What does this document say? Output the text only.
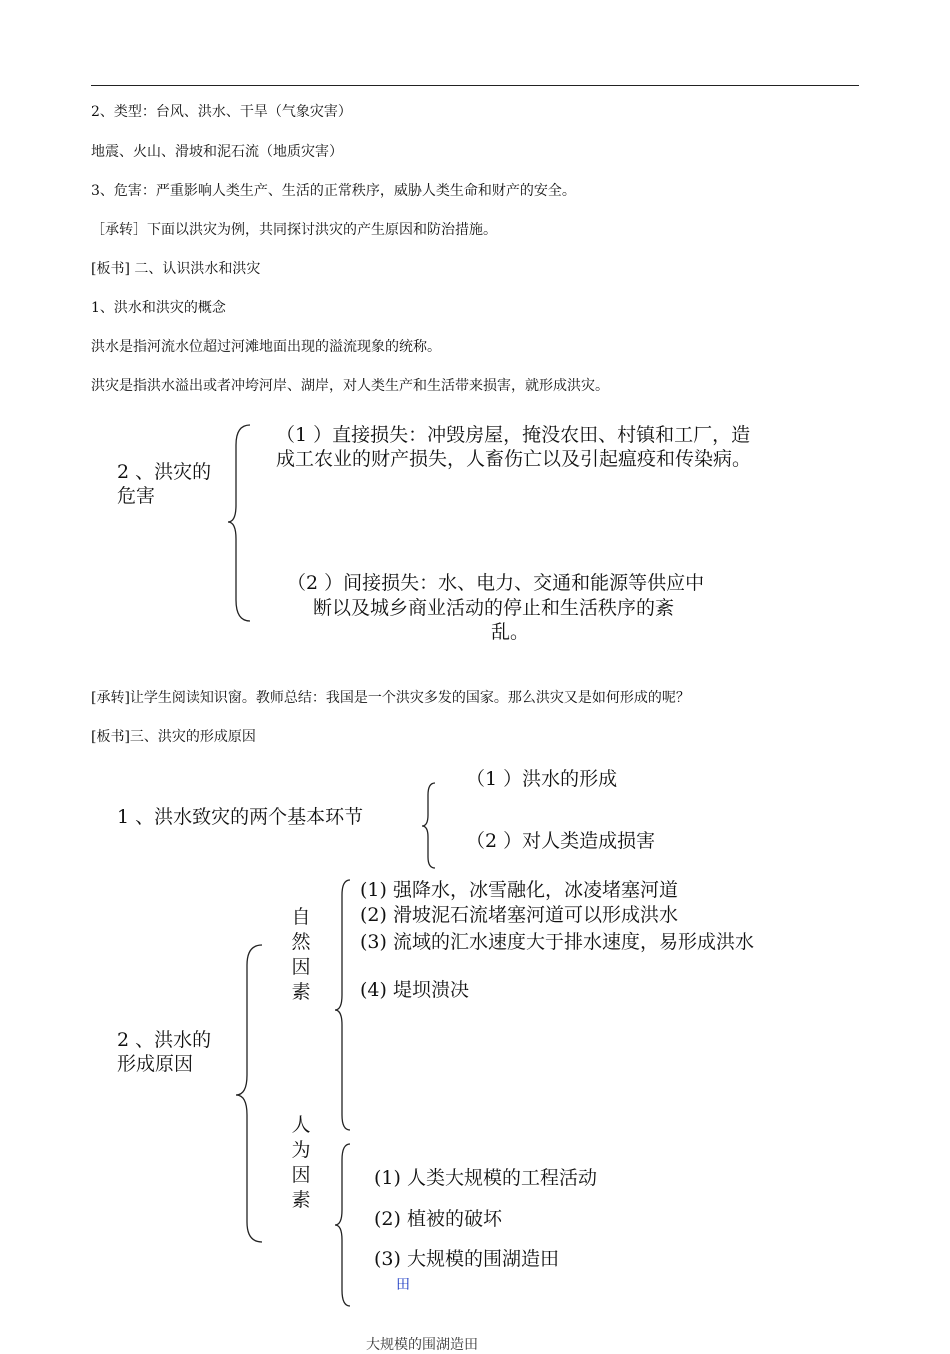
2、类型：台风、洪水、干旱（气象灾害）
地震、火山、滑坡和泥石流（地质灾害）
3、危害：严重影响人类生产、生活的正常秩序，威胁人类生命和财产的安全。
［承转］下面以洪灾为例，共同探讨洪灾的产生原因和防治措施。
[板书] 二、认识洪水和洪灾
1、洪水和洪灾的概念
洪水是指河流水位超过河滩地面出现的溢流现象的统称。
洪灾是指洪水溢出或者冲垮河岸、湖岸，对人类生产和生活带来损害，就形成洪灾。
2 、洪灾的危害
（1 ）直接损失：冲毁房屋，掩没农田、村镇和工厂，造成工农业的财产损失，人畜伤亡以及引起瘟疫和传染病。
（2 ）间接损失：水、电力、交通和能源等供应中
断以及城乡商业活动的停止和生活秩序的紊
乱。
[承转]让学生阅读知识窗。教师总结：我国是一个洪灾多发的国家。那么洪灾又是如何形成的呢？
[板书]三、洪灾的形成原因
1 、洪水致灾的两个基本环节
（1 ）洪水的形成
（2 ）对人类造成损害
2 、洪水的形成原因
自
然
因
素
(1) 强降水，冰雪融化，冰凌堵塞河道
(2) 滑坡泥石流堵塞河道可以形成洪水
(3) 流域的汇水速度大于排水速度，易形成洪水
(4) 堤坝溃决
人
为
因
素
(1) 人类大规模的工程活动
(2) 植被的破坏
(3) 大规模的围湖造田
田
大规模的围湖造田
